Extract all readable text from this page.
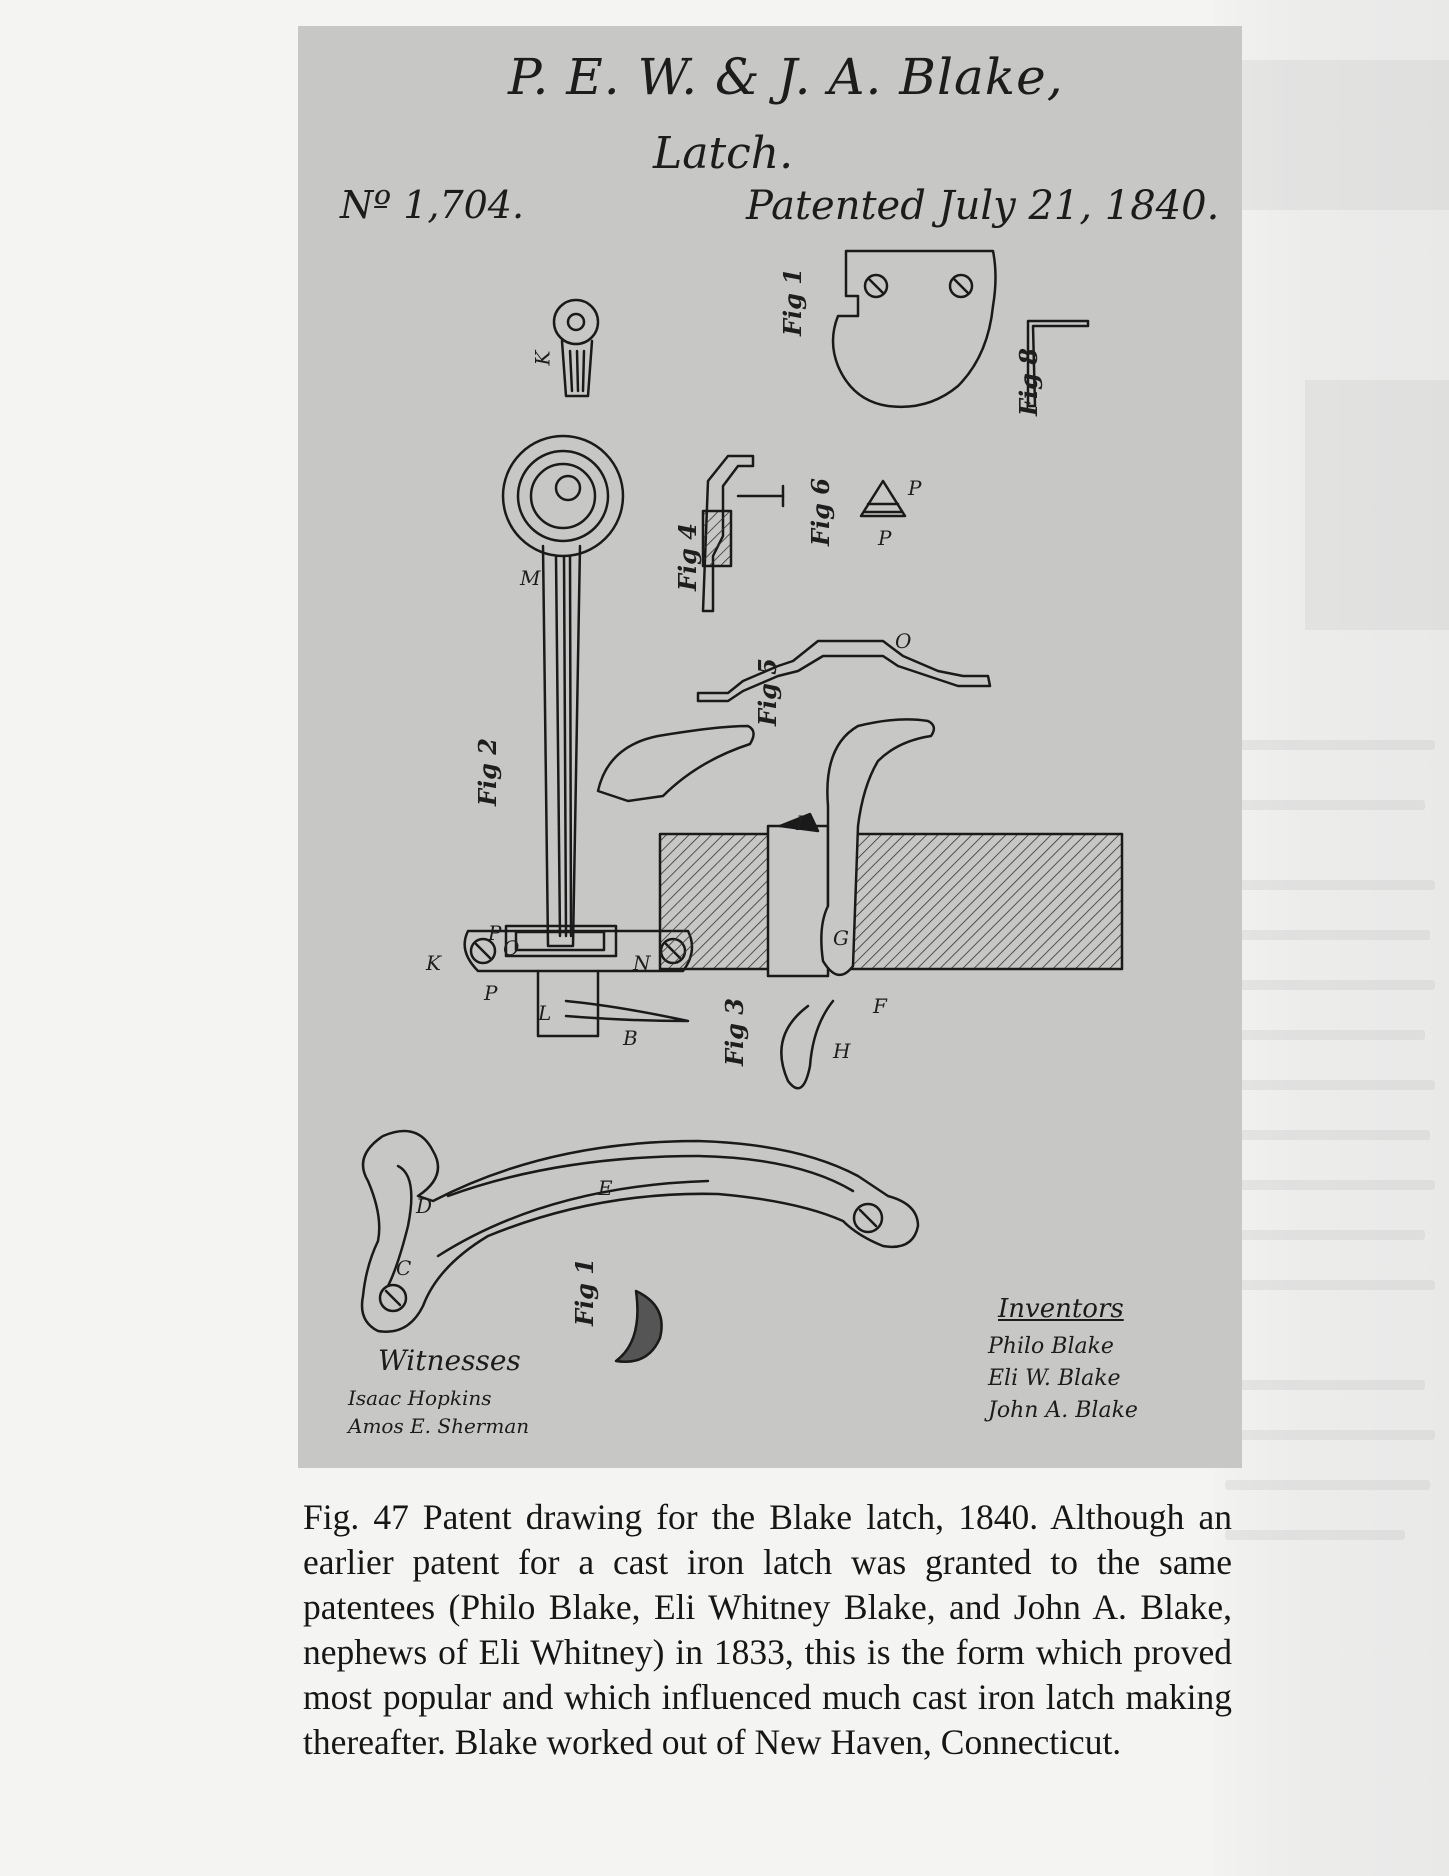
P. E. W. & J. A. Blake,
Latch.
Nº 1,704.	Patented July 21, 1840.
Fig 1
Fig 2
Fig 3
Fig 4
Fig 5
Fig 6
Fig 1
Fig 8
K
P
P
O
L
N
K
B
M
I
G
F
H
P
P
O
C
D
E
Inventors
Philo Blake
Eli W. Blake
John A. Blake
Witnesses
Isaac Hopkins
Amos E. Sherman

Fig. 47 Patent drawing for the Blake latch, 1840. Although an earlier patent for a cast iron latch was granted to the same patentees (Philo Blake, Eli Whitney Blake, and John A. Blake, nephews of Eli Whitney) in 1833, this is the form which proved most popular and which influenced much cast iron latch making thereafter. Blake worked out of New Haven, Connecticut.
